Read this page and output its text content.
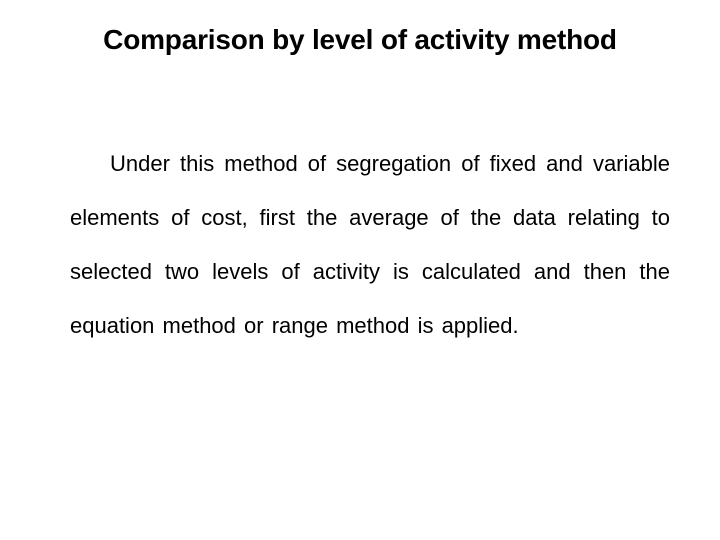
Comparison by level of activity method
Under this method of segregation of fixed and variable elements of cost, first the average of the data relating to selected two levels of activity is calculated and then the equation method or range method is applied.
